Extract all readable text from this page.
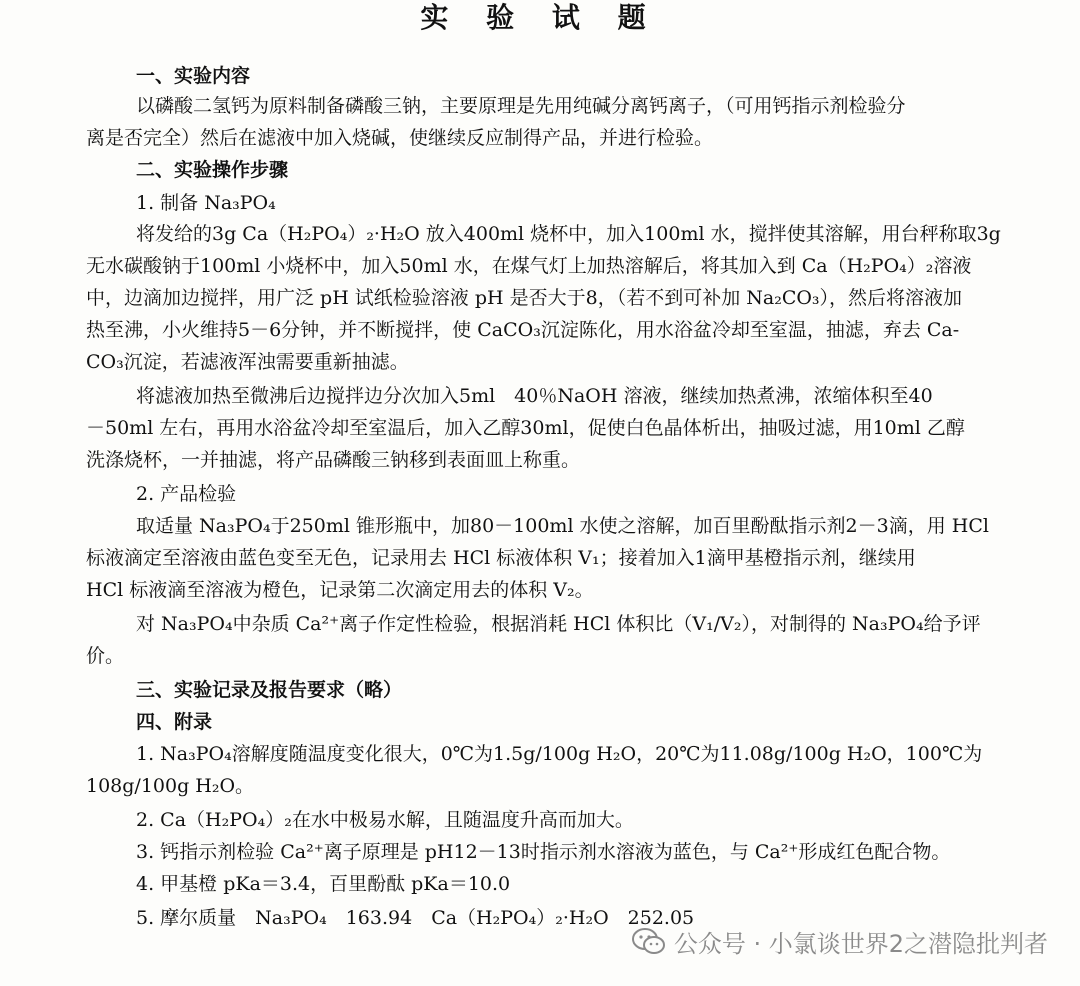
实 验 试 题
一、实验内容
以磷酸二氢钙为原料制备磷酸三钠，主要原理是先用纯碱分离钙离子，（可用钙指示剂检验分
离是否完全）然后在滤液中加入烧碱，使继续反应制得产品，并进行检验。
二、实验操作步骤
1. 制备 Na₃PO₄
将发给的3g Ca（H₂PO₄）₂·H₂O 放入400ml 烧杯中，加入100ml 水，搅拌使其溶解，用台秤称取3g
无水碳酸钠于100ml 小烧杯中，加入50ml 水，在煤气灯上加热溶解后，将其加入到 Ca（H₂PO₄）₂溶液
中，边滴加边搅拌，用广泛 pH 试纸检验溶液 pH 是否大于8，（若不到可补加 Na₂CO₃），然后将溶液加
热至沸，小火维持5－6分钟，并不断搅拌，使 CaCO₃沉淀陈化，用水浴盆冷却至室温，抽滤，弃去 Ca-
CO₃沉淀，若滤液浑浊需要重新抽滤。
将滤液加热至微沸后边搅拌边分次加入5ml　40％NaOH 溶液，继续加热煮沸，浓缩体积至40
－50ml 左右，再用水浴盆冷却至室温后，加入乙醇30ml，促使白色晶体析出，抽吸过滤，用10ml 乙醇
洗涤烧杯，一并抽滤，将产品磷酸三钠移到表面皿上称重。
2. 产品检验
取适量 Na₃PO₄于250ml 锥形瓶中，加80－100ml 水使之溶解，加百里酚酞指示剂2－3滴，用 HCl
标液滴定至溶液由蓝色变至无色，记录用去 HCl 标液体积 V₁；接着加入1滴甲基橙指示剂，继续用
HCl 标液滴至溶液为橙色，记录第二次滴定用去的体积 V₂。
对 Na₃PO₄中杂质 Ca²⁺离子作定性检验，根据消耗 HCl 体积比（V₁/V₂），对制得的 Na₃PO₄给予评
价。
三、实验记录及报告要求（略）
四、附录
1. Na₃PO₄溶解度随温度变化很大，0℃为1.5g/100g H₂O，20℃为11.08g/100g H₂O，100℃为
108g/100g H₂O。
2. Ca（H₂PO₄）₂在水中极易水解，且随温度升高而加大。
3. 钙指示剂检验 Ca²⁺离子原理是 pH12－13时指示剂水溶液为蓝色，与 Ca²⁺形成红色配合物。
4. 甲基橙 pKa＝3.4，百里酚酞 pKa＝10.0
5. 摩尔质量　Na₃PO₄　163.94　Ca（H₂PO₄）₂·H₂O　252.05
公众号 · 小氯谈世界2之潜隐批判者
